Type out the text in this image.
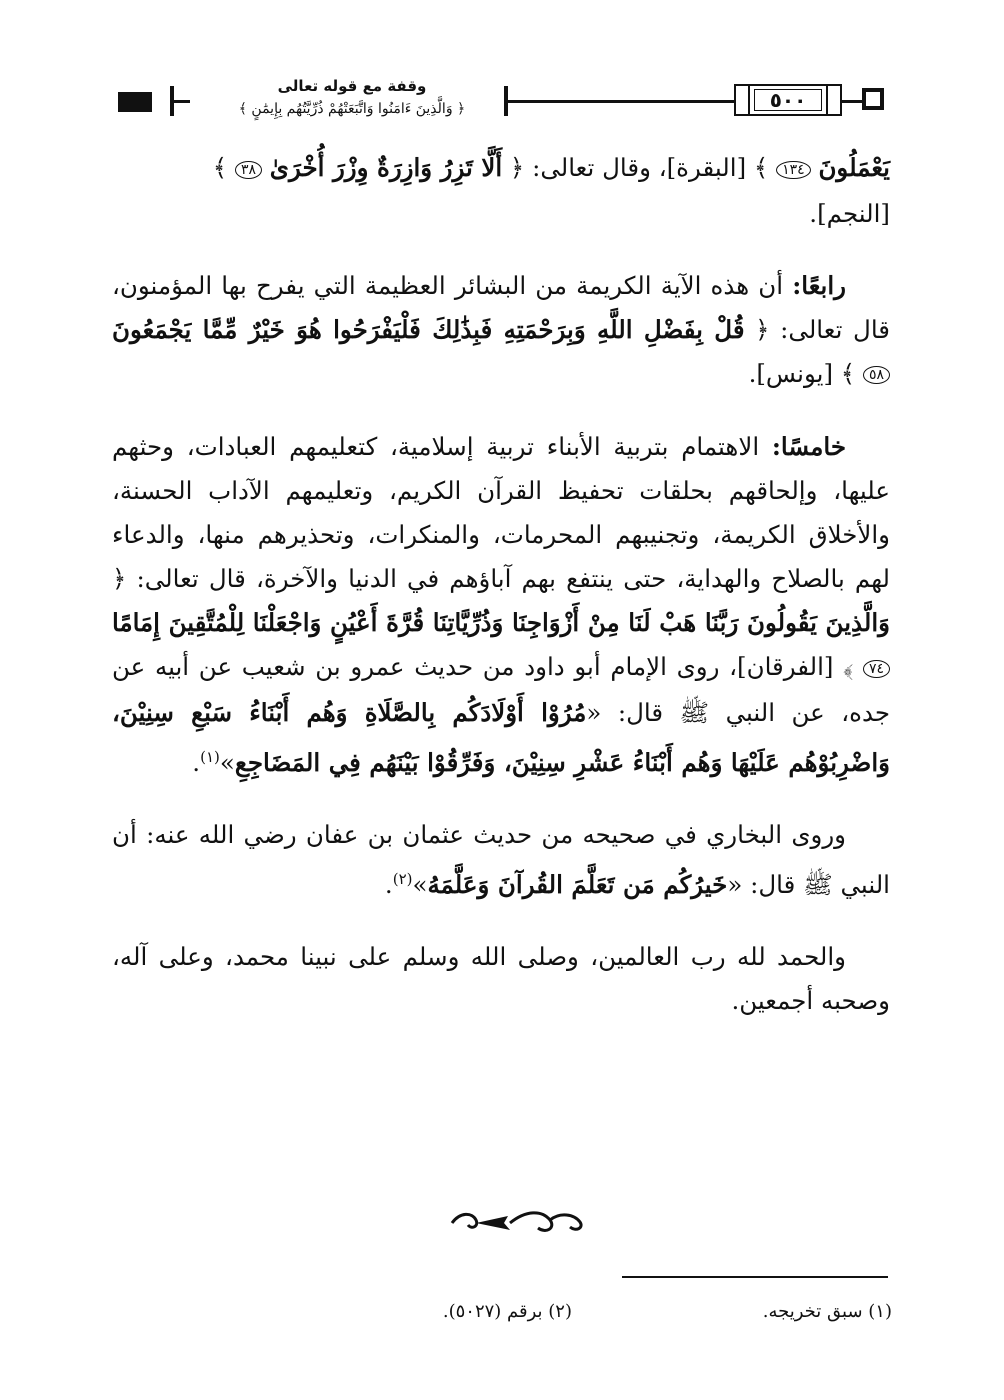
وقفة مع قوله تعالى
﴿ وَالَّذِينَ ءَامَنُوا وَاتَّبَعَتْهُمْ ذُرِّيَّتُهُم بِإِيمَٰنٍ ﴾	٥٠٠

يَعْمَلُونَ ١٣٤ ﴾ [البقرة]، وقال تعالى: ﴿ أَلَّا تَزِرُ وَازِرَةٌ وِزْرَ أُخْرَىٰ ٣٨ ﴾
[النجم].

رابعًا: أن هذه الآية الكريمة من البشائر العظيمة التي يفرح بها المؤمنون، قال تعالى: ﴿ قُلْ بِفَضْلِ اللَّهِ وَبِرَحْمَتِهِ فَبِذَٰلِكَ فَلْيَفْرَحُوا هُوَ خَيْرٌ مِّمَّا يَجْمَعُونَ ٥٨ ﴾ [يونس].

خامسًا: الاهتمام بتربية الأبناء تربية إسلامية، كتعليمهم العبادات، وحثهم عليها، وإلحاقهم بحلقات تحفيظ القرآن الكريم، وتعليمهم الآداب الحسنة، والأخلاق الكريمة، وتجنيبهم المحرمات، والمنكرات، وتحذيرهم منها، والدعاء لهم بالصلاح والهداية، حتى ينتفع بهم آباؤهم في الدنيا والآخرة، قال تعالى: ﴿ وَالَّذِينَ يَقُولُونَ رَبَّنَا هَبْ لَنَا مِنْ أَزْوَاجِنَا وَذُرِّيَّاتِنَا قُرَّةَ أَعْيُنٍ وَاجْعَلْنَا لِلْمُتَّقِينَ إِمَامًا ٧٤ ﴾ [الفرقان]، روى الإمام أبو داود من حديث عمرو بن شعيب عن أبيه عن جده، عن النبي ﷺ قال: «مُرُوْا أَوْلَادَكُم بِالصَّلَاةِ وَهُم أَبْنَاءُ سَبْعِ سِنِيْنَ، وَاضْرِبُوْهُم عَلَيْهَا وَهُم أَبْنَاءُ عَشْرِ سِنِيْنَ، وَفَرِّقُوْا بَيْنَهُم فِي المَضَاجِعِ»$^{(١)}$.

وروى البخاري في صحيحه من حديث عثمان بن عفان رضي الله عنه: أن النبي ﷺ قال: «خَيرُكُم مَن تَعَلَّمَ القُرآنَ وَعَلَّمَهُ»$^{(٢)}$.

والحمد لله رب العالمين، وصلى الله وسلم على نبينا محمد، وعلى آله، وصحبه أجمعين.

(١) سبق تخريجه.
(٢) برقم (٥٠٢٧).
